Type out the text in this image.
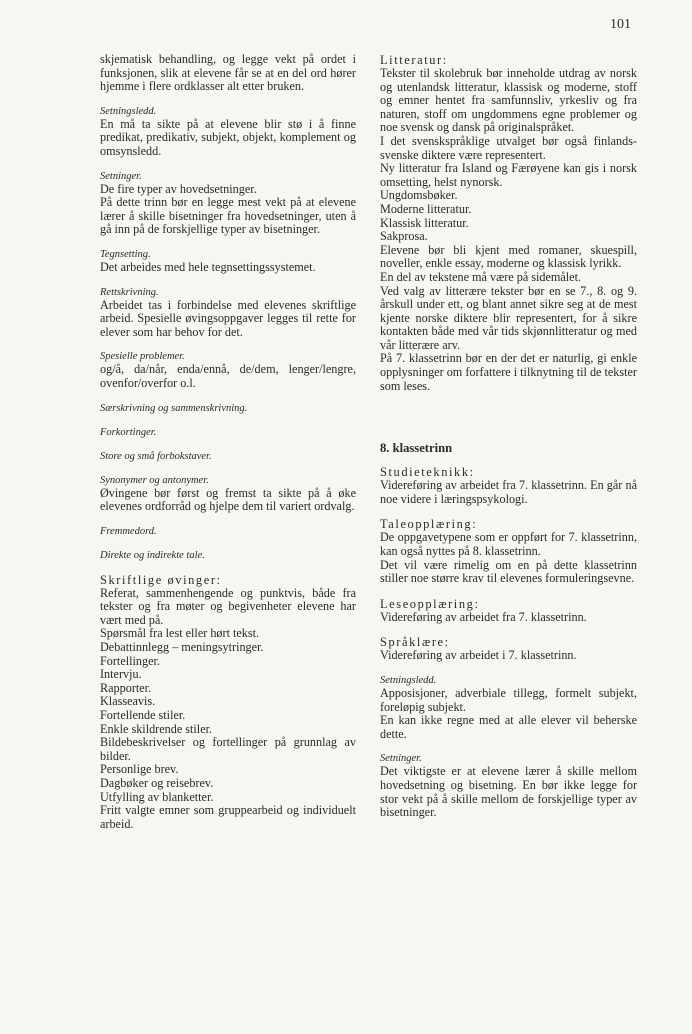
101

skjematisk behandling, og legge vekt på ordet i funksjonen, slik at elevene får se at en del ord hører hjemme i flere ordklasser alt etter bruken.

Setningsledd.

En må ta sikte på at elevene blir stø i å finne predikat, predikativ, subjekt, objekt, komplement og omsynsledd.

Setninger.

De fire typer av hovedsetninger.

På dette trinn bør en legge mest vekt på at elevene lærer å skille bisetninger fra hovedsetninger, uten å gå inn på de forskjellige typer av bisetninger.

Tegnsetting.

Det arbeides med hele tegnsettingssystemet.

Rettskrivning.

Arbeidet tas i forbindelse med elevenes skriftlige arbeid. Spesielle øvingsoppgaver legges til rette for elever som har behov for det.

Spesielle problemer.

og/å, da/når, enda/ennå, de/dem, lenger/lengre, ovenfor/overfor o.l.

Særskrivning og sammenskrivning.

Forkortinger.

Store og små forbokstaver.

Synonymer og antonymer.

Øvingene bør først og fremst ta sikte på å øke elevenes ordforråd og hjelpe dem til variert ordvalg.

Fremmedord.

Direkte og indirekte tale.

Skriftlige øvinger:

Referat, sammenhengende og punktvis, både fra tekster og fra møter og begivenheter elevene har vært med på.

Spørsmål fra lest eller hørt tekst.

Debattinnlegg – meningsytringer.

Fortellinger.

Intervju.

Rapporter.

Klasseavis.

Fortellende stiler.

Enkle skildrende stiler.

Bildebeskrivelser og fortellinger på grunnlag av bilder.

Personlige brev.

Dagbøker og reisebrev.

Utfylling av blanketter.

Fritt valgte emner som gruppearbeid og individuelt arbeid.

Litteratur:

Tekster til skolebruk bør inneholde utdrag av norsk og utenlandsk litteratur, klassisk og moderne, stoff og emner hentet fra samfunnsliv, yrkesliv og fra naturen, stoff om ungdommens egne problemer og noe svensk og dansk på originalspråket.

I det svenskspråklige utvalget bør også finlands-svenske diktere være representert.

Ny litteratur fra Island og Færøyene kan gis i norsk omsetting, helst nynorsk.

Ungdomsbøker.

Moderne litteratur.

Klassisk litteratur.

Sakprosa.

Elevene bør bli kjent med romaner, skuespill, noveller, enkle essay, moderne og klassisk lyrikk.

En del av tekstene må være på sidemålet.

Ved valg av litterære tekster bør en se 7., 8. og 9. årskull under ett, og blant annet sikre seg at de mest kjente norske diktere blir representert, for å sikre kontakten både med vår tids skjønnlitteratur og med vår litterære arv.

På 7. klassetrinn bør en der det er naturlig, gi enkle opplysninger om forfattere i tilknytning til de tekster som leses.

8. klassetrinn

Studieteknikk:

Videreføring av arbeidet fra 7. klassetrinn. En går nå noe videre i læringspsykologi.

Taleopplæring:

De oppgavetypene som er oppført for 7. klassetrinn, kan også nyttes på 8. klassetrinn.

Det vil være rimelig om en på dette klassetrinn stiller noe større krav til elevenes formuleringsevne.

Leseopplæring:

Videreføring av arbeidet fra 7. klassetrinn.

Språklære:

Videreføring av arbeidet i 7. klassetrinn.

Setningsledd.

Apposisjoner, adverbiale tillegg, formelt subjekt, foreløpig subjekt.

En kan ikke regne med at alle elever vil beherske dette.

Setninger.

Det viktigste er at elevene lærer å skille mellom hovedsetning og bisetning. En bør ikke legge for stor vekt på å skille mellom de forskjellige typer av bisetninger.
